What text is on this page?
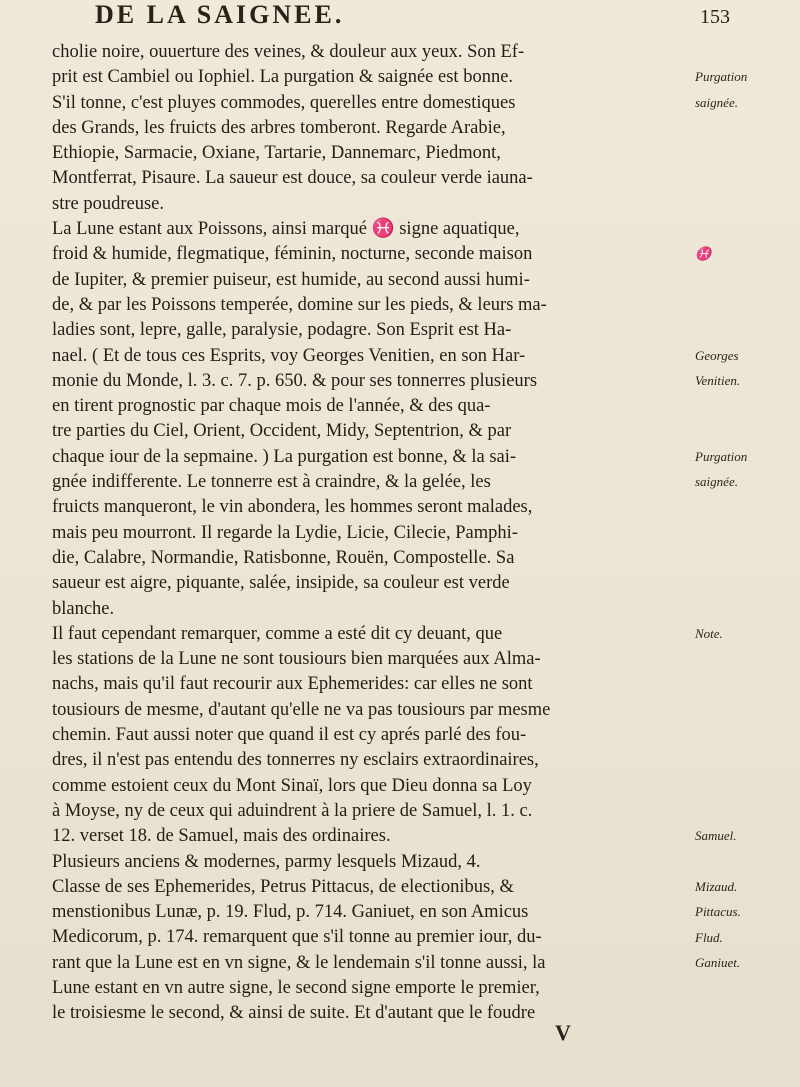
DE LA SAIGNEE.	153
cholie noire, ouuerture des veines, & douleur aux yeux. Son Ef-
prit est Cambiel ou Iophiel. La purgation & saignée est bonne.
S'il tonne, c'est pluyes commodes, querelles entre domestiques
des Grands, les fruicts des arbres tomberont. Regarde Arabie,
Ethiopie, Sarmacie, Oxiane, Tartarie, Dannemarc, Piedmont,
Montferrat, Pisaure. La saueur est douce, sa couleur verde iauna-
stre poudreuse.
La Lune estant aux Poissons, ainsi marqué ♓ signe aquatique,
froid & humide, flegmatique, féminin, nocturne, seconde maison
de Iupiter, & premier puiseur, est humide, au second aussi humi-
de, & par les Poissons temperée, domine sur les pieds, & leurs ma-
ladies sont, lepre, galle, paralysie, podagre. Son Esprit est Ha-
nael. ( Et de tous ces Esprits, voy Georges Venitien, en son Har-
monie du Monde, l. 3. c. 7. p. 650. & pour ses tonnerres plusieurs
en tirent prognostic par chaque mois de l'année, & des qua-
tre parties du Ciel, Orient, Occident, Midy, Septentrion, & par
chaque iour de la sepmaine. ) La purgation est bonne, & la sai-
gnée indifferente. Le tonnerre est à craindre, & la gelée, les
fruicts manqueront, le vin abondera, les hommes seront malades,
mais peu mourront. Il regarde la Lydie, Licie, Cilecie, Pamphi-
die, Calabre, Normandie, Ratisbonne, Rouën, Compostelle. Sa
saueur est aigre, piquante, salée, insipide, sa couleur est verde
blanche.
Il faut cependant remarquer, comme a esté dit cy deuant, que
les stations de la Lune ne sont tousiours bien marquées aux Alma-
nachs, mais qu'il faut recourir aux Ephemerides: car elles ne sont
tousiours de mesme, d'autant qu'elle ne va pas tousiours par mesme
chemin. Faut aussi noter que quand il est cy aprés parlé des fou-
dres, il n'est pas entendu des tonnerres ny esclairs extraordinaires,
comme estoient ceux du Mont Sinaï, lors que Dieu donna sa Loy
à Moyse, ny de ceux qui aduindrent à la priere de Samuel, l. 1. c.
12. verset 18. de Samuel, mais des ordinaires.
Plusieurs anciens & modernes, parmy lesquels Mizaud, 4.
Classe de ses Ephemerides, Petrus Pittacus, de electionibus, &
menstionibus Lunæ, p. 19. Flud, p. 714. Ganiuet, en son Amicus
Medicorum, p. 174. remarquent que s'il tonne au premier iour, du-
rant que la Lune est en vn signe, & le lendemain s'il tonne aussi, la
Lune estant en vn autre signe, le second signe emporte le premier,
le troisiesme le second, & ainsi de suite. Et d'autant que le foudre
Purgation
saignée.
♓
Georges
Venitien.
Purgation
saignée.
Note.
Samuel.
Mizaud.
Pittacus.
Flud.
Ganiuet.
V
